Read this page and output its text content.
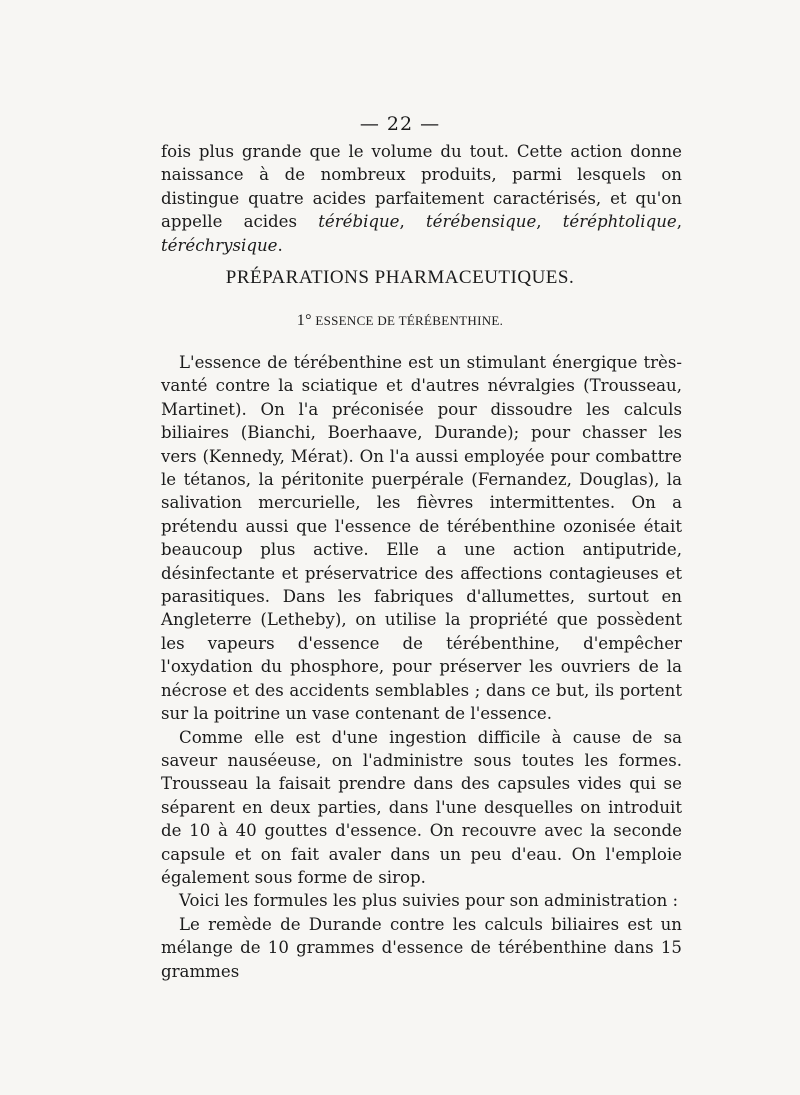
— 22 —

fois plus grande que le volume du tout. Cette action donne naissance à de nombreux produits, parmi lesquels on distingue quatre acides parfaitement caractérisés, et qu'on appelle acides térébique, térébensique, téréphtolique, téréchrysique.

PRÉPARATIONS PHARMACEUTIQUES.
1° ESSENCE DE TÉRÉBENTHINE.

L'essence de térébenthine est un stimulant énergique très-vanté contre la sciatique et d'autres névralgies (Trousseau, Martinet). On l'a préconisée pour dissoudre les calculs biliaires (Bianchi, Boerhaave, Durande); pour chasser les vers (Kennedy, Mérat). On l'a aussi employée pour combattre le tétanos, la péritonite puerpérale (Fernandez, Douglas), la salivation mercurielle, les fièvres intermittentes. On a prétendu aussi que l'essence de térébenthine ozonisée était beaucoup plus active. Elle a une action antiputride, désinfectante et préservatrice des affections contagieuses et parasitiques. Dans les fabriques d'allumettes, surtout en Angleterre (Letheby), on utilise la propriété que possèdent les vapeurs d'essence de térébenthine, d'empêcher l'oxydation du phosphore, pour préserver les ouvriers de la nécrose et des accidents semblables ; dans ce but, ils portent sur la poitrine un vase contenant de l'essence.

Comme elle est d'une ingestion difficile à cause de sa saveur nauséeuse, on l'administre sous toutes les formes. Trousseau la faisait prendre dans des capsules vides qui se séparent en deux parties, dans l'une desquelles on introduit de 10 à 40 gouttes d'essence. On recouvre avec la seconde capsule et on fait avaler dans un peu d'eau. On l'emploie également sous forme de sirop.

Voici les formules les plus suivies pour son administration :

Le remède de Durande contre les calculs biliaires est un mélange de 10 grammes d'essence de térébenthine dans 15 grammes
